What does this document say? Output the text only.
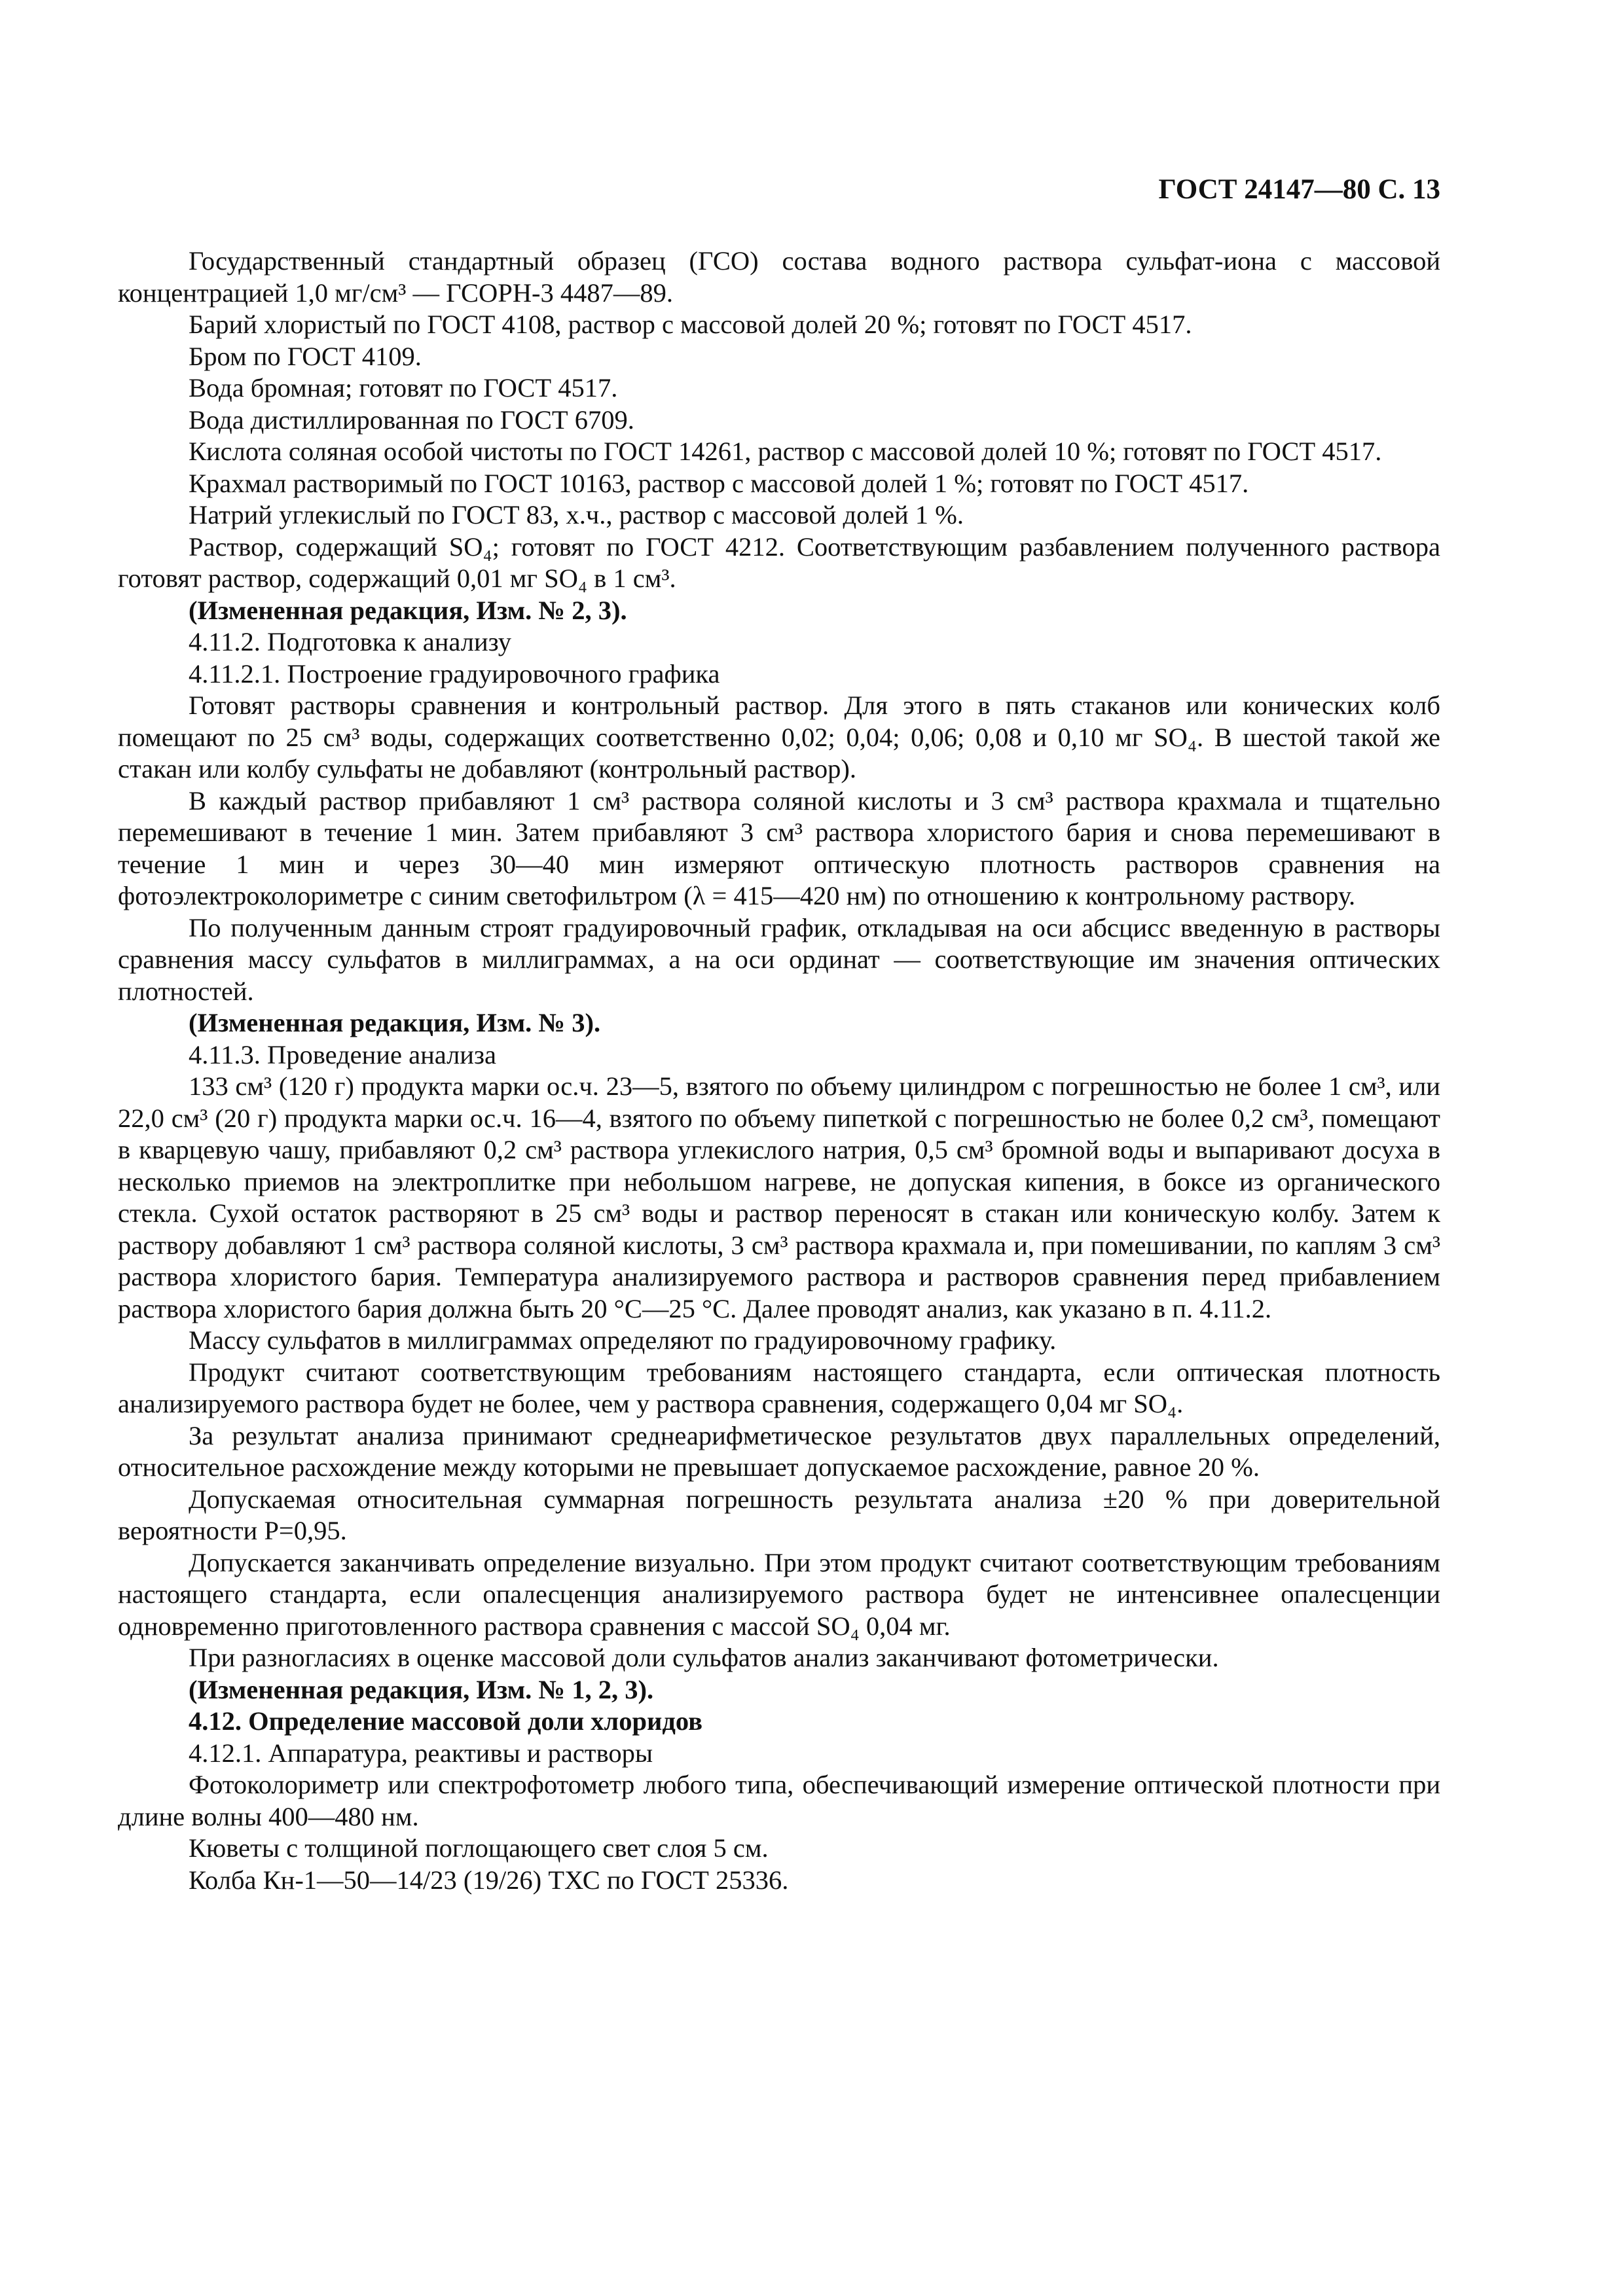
ГОСТ 24147—80 С. 13

Государственный стандартный образец (ГСО) состава водного раствора сульфат-иона с массовой концентрацией 1,0 мг/см³ — ГСОРН-3 4487—89.

Барий хлористый по ГОСТ 4108, раствор с массовой долей 20 %; готовят по ГОСТ 4517.

Бром по ГОСТ 4109.

Вода бромная; готовят по ГОСТ 4517.

Вода дистиллированная по ГОСТ 6709.

Кислота соляная особой чистоты по ГОСТ 14261, раствор с массовой долей 10 %; готовят по ГОСТ 4517.

Крахмал растворимый по ГОСТ 10163, раствор с массовой долей 1 %; готовят по ГОСТ 4517.

Натрий углекислый по ГОСТ 83, х.ч., раствор с массовой долей 1 %.

Раствор, содержащий SO₄; готовят по ГОСТ 4212. Соответствующим разбавлением полученного раствора готовят раствор, содержащий 0,01 мг SO₄ в 1 см³.

(Измененная редакция, Изм. № 2, 3).

4.11.2. Подготовка к анализу

4.11.2.1. Построение градуировочного графика

Готовят растворы сравнения и контрольный раствор. Для этого в пять стаканов или конических колб помещают по 25 см³ воды, содержащих соответственно 0,02; 0,04; 0,06; 0,08 и 0,10 мг SO₄. В шестой такой же стакан или колбу сульфаты не добавляют (контрольный раствор).

В каждый раствор прибавляют 1 см³ раствора соляной кислоты и 3 см³ раствора крахмала и тщательно перемешивают в течение 1 мин. Затем прибавляют 3 см³ раствора хлористого бария и снова перемешивают в течение 1 мин и через 30—40 мин измеряют оптическую плотность растворов сравнения на фотоэлектроколориметре с синим светофильтром (λ = 415—420 нм) по отношению к контрольному раствору.

По полученным данным строят градуировочный график, откладывая на оси абсцисс введенную в растворы сравнения массу сульфатов в миллиграммах, а на оси ординат — соответствующие им значения оптических плотностей.

(Измененная редакция, Изм. № 3).

4.11.3. Проведение анализа

133 см³ (120 г) продукта марки ос.ч. 23—5, взятого по объему цилиндром с погрешностью не более 1 см³, или 22,0 см³ (20 г) продукта марки ос.ч. 16—4, взятого по объему пипеткой с погрешностью не более 0,2 см³, помещают в кварцевую чашу, прибавляют 0,2 см³ раствора углекислого натрия, 0,5 см³ бромной воды и выпаривают досуха в несколько приемов на электроплитке при небольшом нагреве, не допуская кипения, в боксе из органического стекла. Сухой остаток растворяют в 25 см³ воды и раствор переносят в стакан или коническую колбу. Затем к раствору добавляют 1 см³ раствора соляной кислоты, 3 см³ раствора крахмала и, при помешивании, по каплям 3 см³ раствора хлористого бария. Температура анализируемого раствора и растворов сравнения перед прибавлением раствора хлористого бария должна быть 20 °С—25 °С. Далее проводят анализ, как указано в п. 4.11.2.

Массу сульфатов в миллиграммах определяют по градуировочному графику.

Продукт считают соответствующим требованиям настоящего стандарта, если оптическая плотность анализируемого раствора будет не более, чем у раствора сравнения, содержащего 0,04 мг SO₄.

За результат анализа принимают среднеарифметическое результатов двух параллельных определений, относительное расхождение между которыми не превышает допускаемое расхождение, равное 20 %.

Допускаемая относительная суммарная погрешность результата анализа ±20 % при доверительной вероятности P=0,95.

Допускается заканчивать определение визуально. При этом продукт считают соответствующим требованиям настоящего стандарта, если опалесценция анализируемого раствора будет не интенсивнее опалесценции одновременно приготовленного раствора сравнения с массой SO₄ 0,04 мг.

При разногласиях в оценке массовой доли сульфатов анализ заканчивают фотометрически.

(Измененная редакция, Изм. № 1, 2, 3).

4.12. Определение массовой доли хлоридов

4.12.1. Аппаратура, реактивы и растворы

Фотоколориметр или спектрофотометр любого типа, обеспечивающий измерение оптической плотности при длине волны 400—480 нм.

Кюветы с толщиной поглощающего свет слоя 5 см.

Колба Кн-1—50—14/23 (19/26) ТХС по ГОСТ 25336.
